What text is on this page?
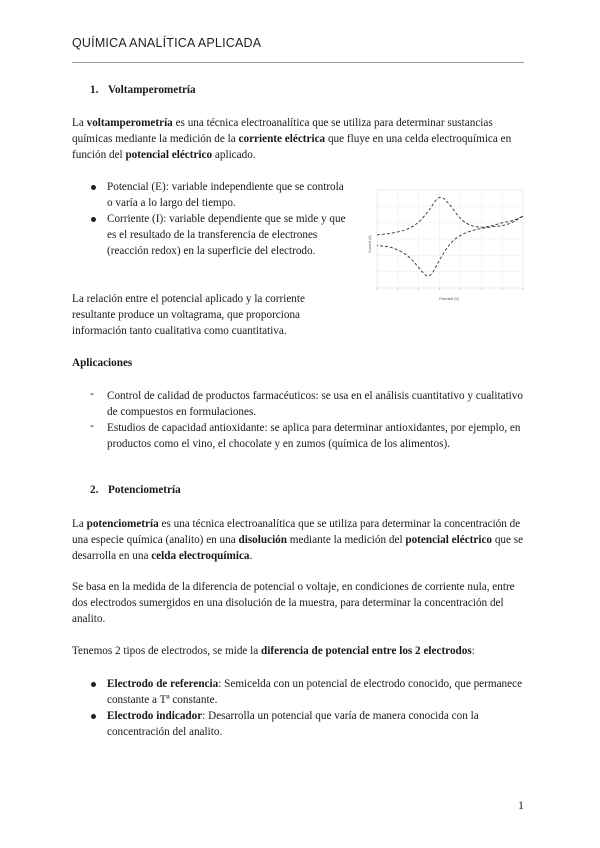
QUÍMICA ANALÍTICA APLICADA
1. Voltamperometría
La voltamperometría es una técnica electroanalítica que se utiliza para determinar sustancias químicas mediante la medición de la corriente eléctrica que fluye en una celda electroquímica en función del potencial eléctrico aplicado.
Potencial (E): variable independiente que se controla o varía a lo largo del tiempo.
Corriente (I): variable dependiente que se mide y que es el resultado de la transferencia de electrones (reacción redox) en la superficie del electrodo.	Current (A)
Potential (V)
La relación entre el potencial aplicado y la corriente resultante produce un voltagrama, que proporciona información tanto cualitativa como cuantitativa.
Aplicaciones
- Control de calidad de productos farmacéuticos: se usa en el análisis cuantitativo y cualitativo de compuestos en formulaciones.
- Estudios de capacidad antioxidante: se aplica para determinar antioxidantes, por ejemplo, en productos como el vino, el chocolate y en zumos (química de los alimentos).
2. Potenciometría
La potenciometría es una técnica electroanalítica que se utiliza para determinar la concentración de una especie química (analito) en una disolución mediante la medición del potencial eléctrico que se desarrolla en una celda electroquímica.
Se basa en la medida de la diferencia de potencial o voltaje, en condiciones de corriente nula, entre dos electrodos sumergidos en una disolución de la muestra, para determinar la concentración del analito.
Tenemos 2 tipos de electrodos, se mide la diferencia de potencial entre los 2 electrodos:
Electrodo de referencia: Semicelda con un potencial de electrodo conocido, que permanece constante a Tª constante.
Electrodo indicador: Desarrolla un potencial que varía de manera conocida con la concentración del analito.
1
